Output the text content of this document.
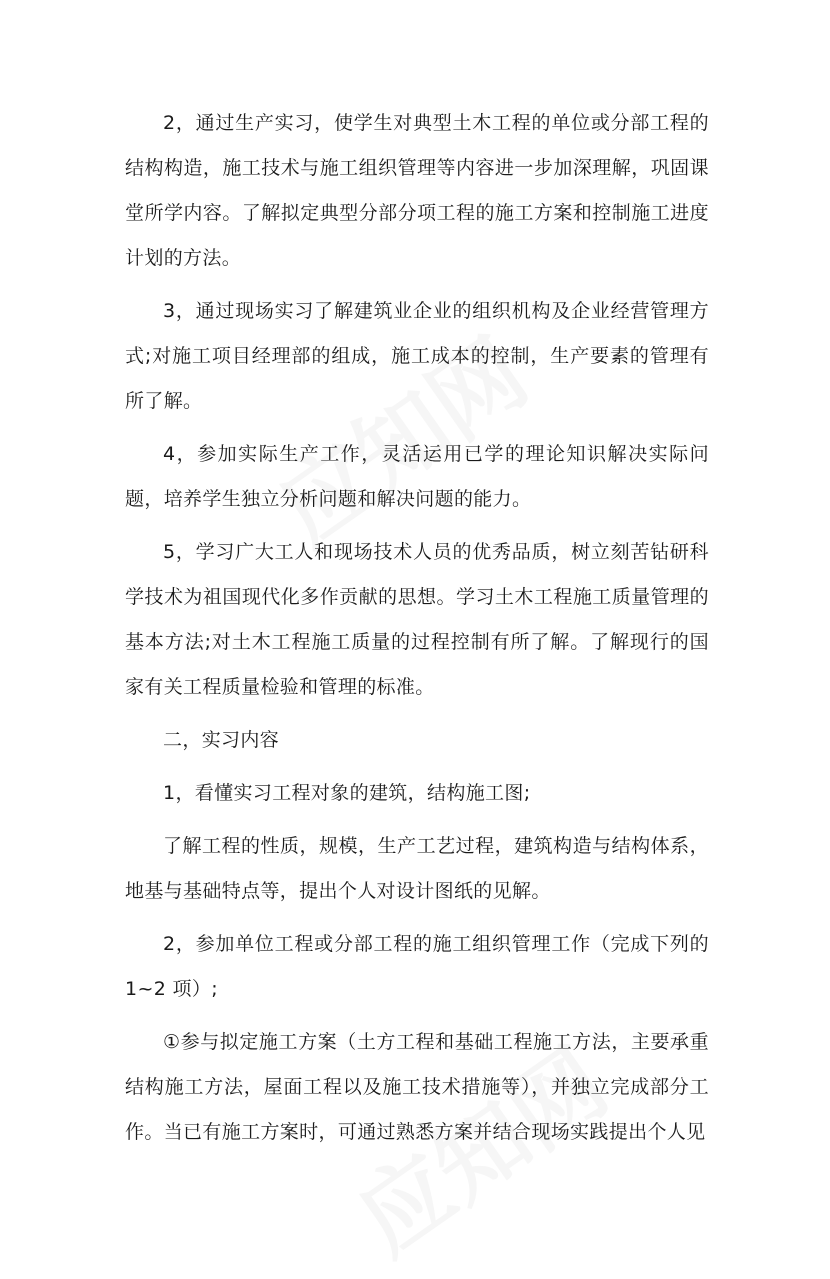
2，通过生产实习，使学生对典型土木工程的单位或分部工程的结构构造，施工技术与施工组织管理等内容进一步加深理解，巩固课堂所学内容。了解拟定典型分部分项工程的施工方案和控制施工进度计划的方法。

3，通过现场实习了解建筑业企业的组织机构及企业经营管理方式;对施工项目经理部的组成，施工成本的控制，生产要素的管理有所了解。

4，参加实际生产工作，灵活运用已学的理论知识解决实际问题，培养学生独立分析问题和解决问题的能力。

5，学习广大工人和现场技术人员的优秀品质，树立刻苦钻研科学技术为祖国现代化多作贡献的思想。学习土木工程施工质量管理的基本方法;对土木工程施工质量的过程控制有所了解。了解现行的国家有关工程质量检验和管理的标准。

二，实习内容

1，看懂实习工程对象的建筑，结构施工图;

了解工程的性质，规模，生产工艺过程，建筑构造与结构体系，地基与基础特点等，提出个人对设计图纸的见解。

2，参加单位工程或分部工程的施工组织管理工作（完成下列的1~2 项）;

①参与拟定施工方案（土方工程和基础工程施工方法，主要承重结构施工方法，屋面工程以及施工技术措施等），并独立完成部分工作。当已有施工方案时，可通过熟悉方案并结合现场实践提出个人见
